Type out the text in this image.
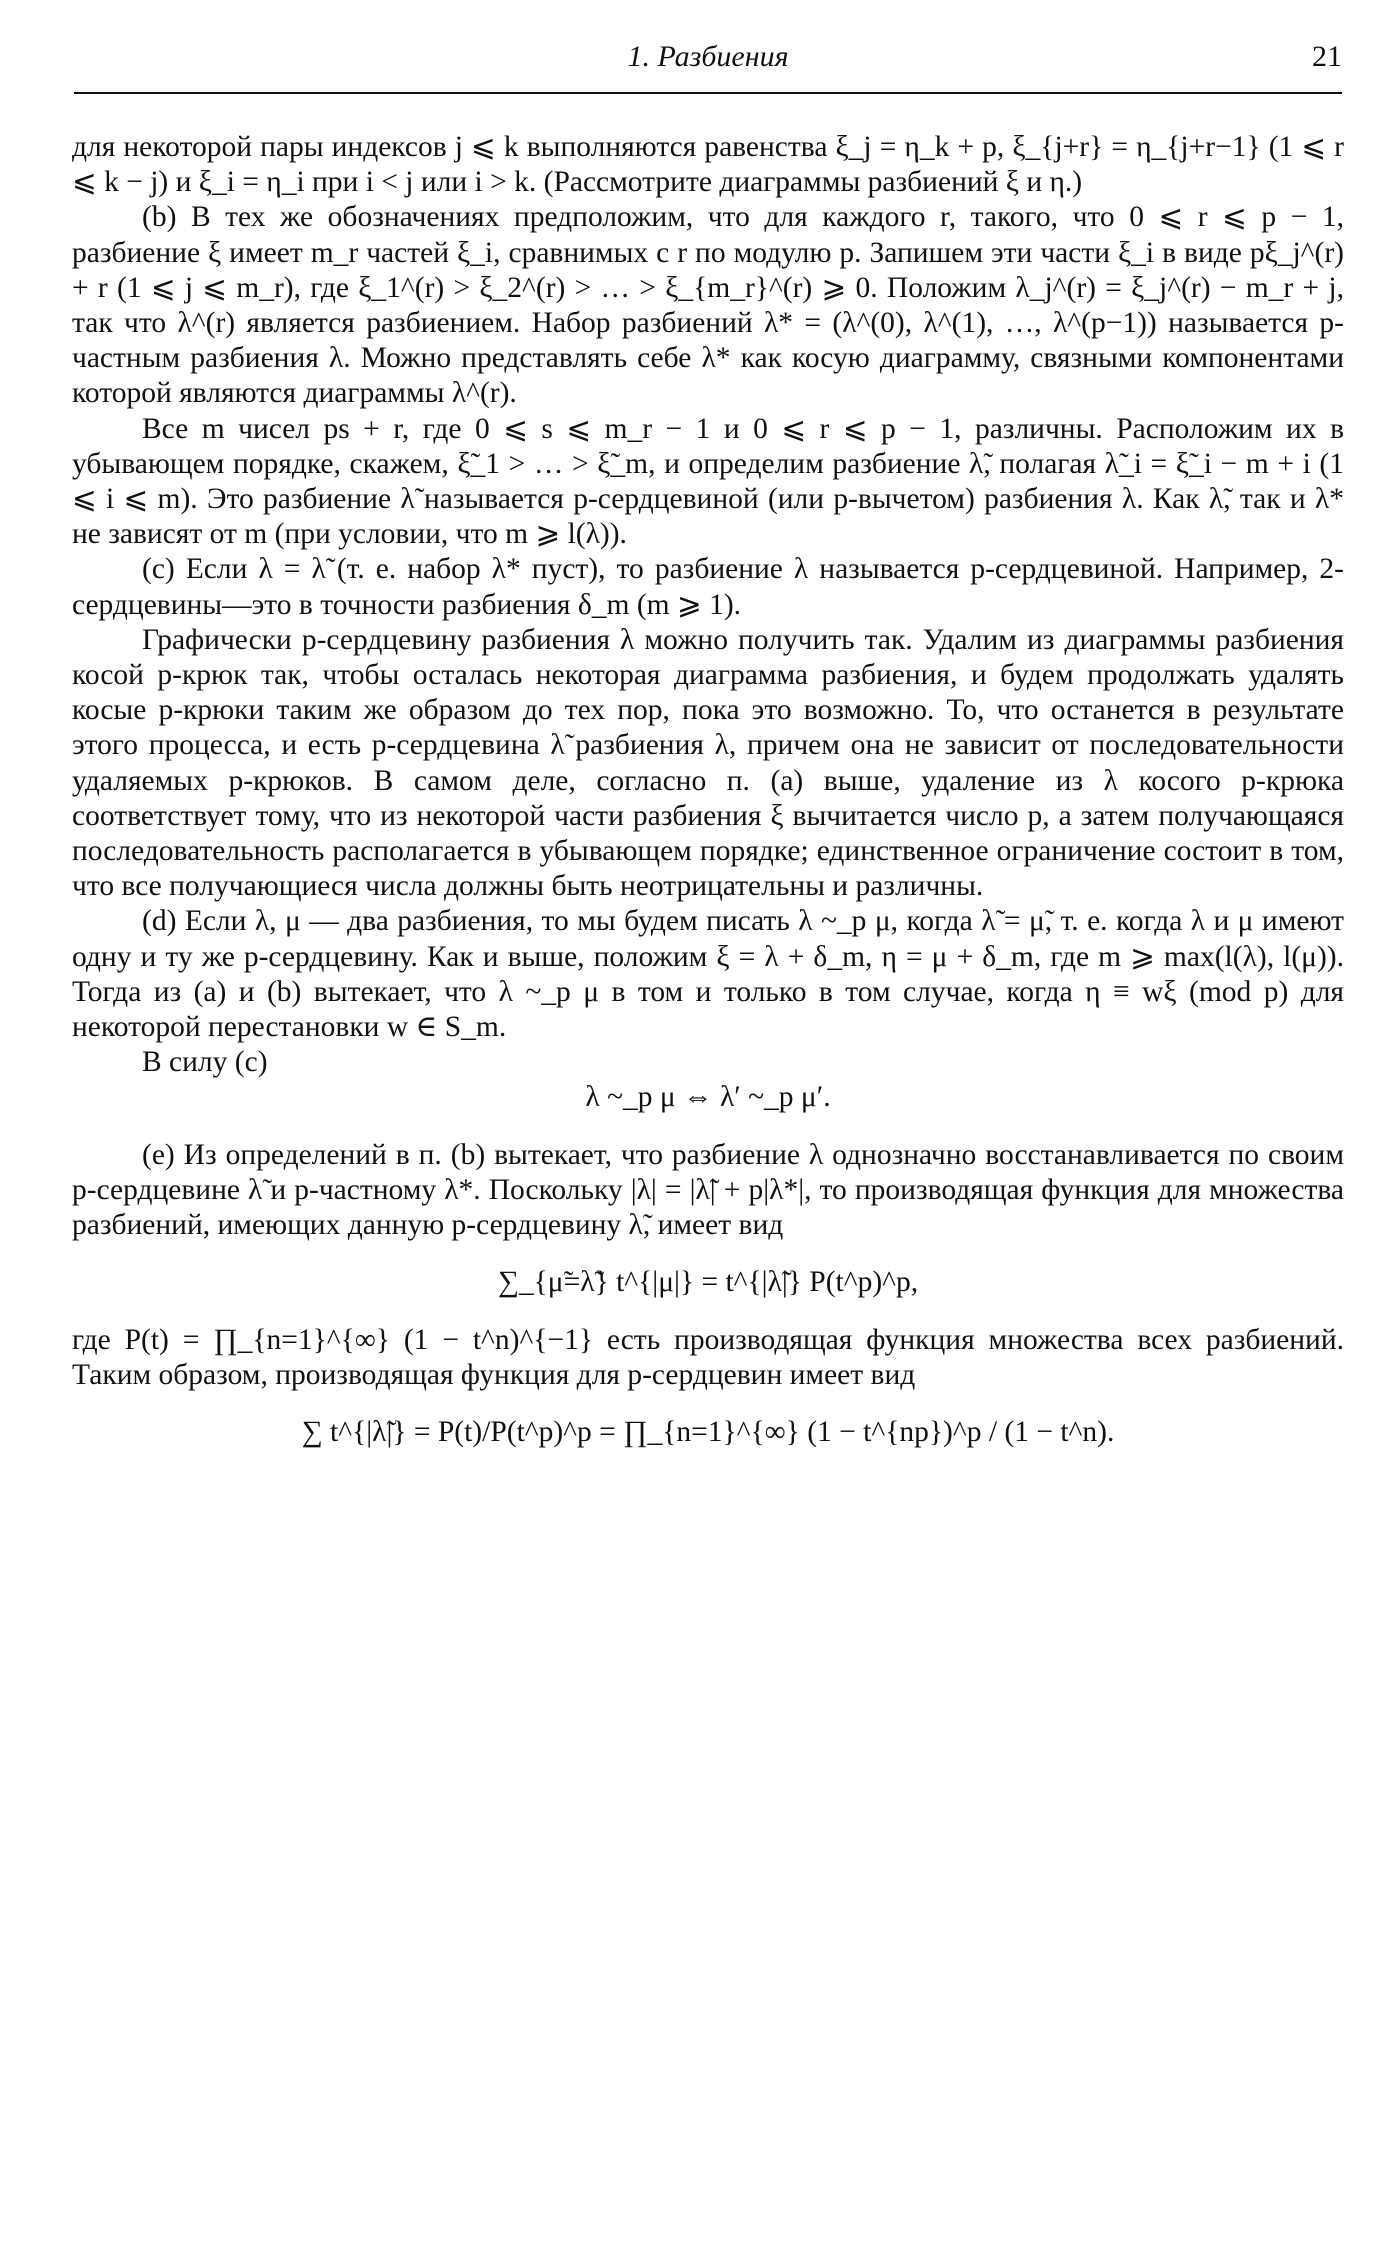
1. Разбиения	21

для некоторой пары индексов j ⩽ k выполняются равенства ξ_j = η_k + p, ξ_{j+r} = η_{j+r−1} (1 ⩽ r ⩽ k − j) и ξ_i = η_i при i < j или i > k. (Рассмотрите диаграммы разбиений ξ и η.)

(b) В тех же обозначениях предположим, что для каждого r, такого, что 0 ⩽ r ⩽ p − 1, разбиение ξ имеет m_r частей ξ_i, сравнимых с r по модулю p. Запишем эти части ξ_i в виде pξ_j^(r) + r (1 ⩽ j ⩽ m_r), где ξ_1^(r) > ξ_2^(r) > … > ξ_{m_r}^(r) ⩾ 0. Положим λ_j^(r) = ξ_j^(r) − m_r + j, так что λ^(r) является разбиением. Набор разбиений λ* = (λ^(0), λ^(1), …, λ^(p−1)) называется p-частным разбиения λ. Можно представлять себе λ* как косую диаграмму, связными компонентами которой являются диаграммы λ^(r).

Все m чисел ps + r, где 0 ⩽ s ⩽ m_r − 1 и 0 ⩽ r ⩽ p − 1, различны. Расположим их в убывающем порядке, скажем, ξ̃_1 > … > ξ̃_m, и определим разбиение λ̃, полагая λ̃_i = ξ̃_i − m + i (1 ⩽ i ⩽ m). Это разбиение λ̃ называется p-сердцевиной (или p-вычетом) разбиения λ. Как λ̃, так и λ* не зависят от m (при условии, что m ⩾ l(λ)).

(c) Если λ = λ̃ (т. е. набор λ* пуст), то разбиение λ называется p-сердцевиной. Например, 2-сердцевины—это в точности разбиения δ_m (m ⩾ 1).

Графически p-сердцевину разбиения λ можно получить так. Удалим из диаграммы разбиения косой p-крюк так, чтобы осталась некоторая диаграмма разбиения, и будем продолжать удалять косые p-крюки таким же образом до тех пор, пока это возможно. То, что останется в результате этого процесса, и есть p-сердцевина λ̃ разбиения λ, причем она не зависит от последовательности удаляемых p-крюков. В самом деле, согласно п. (a) выше, удаление из λ косого p-крюка соответствует тому, что из некоторой части разбиения ξ вычитается число p, а затем получающаяся последовательность располагается в убывающем порядке; единственное ограничение состоит в том, что все получающиеся числа должны быть неотрицательны и различны.

(d) Если λ, μ — два разбиения, то мы будем писать λ ~_p μ, когда λ̃ = μ̃, т. е. когда λ и μ имеют одну и ту же p-сердцевину. Как и выше, положим ξ = λ + δ_m, η = μ + δ_m, где m ⩾ max(l(λ), l(μ)). Тогда из (a) и (b) вытекает, что λ ~_p μ в том и только в том случае, когда η ≡ wξ (mod p) для некоторой перестановки w ∈ S_m.

В силу (c)

λ ~_p μ ⇔ λ′ ~_p μ′.

(e) Из определений в п. (b) вытекает, что разбиение λ однозначно восстанавливается по своим p-сердцевине λ̃ и p-частному λ*. Поскольку |λ| = |λ̃| + p|λ*|, то производящая функция для множества разбиений, имеющих данную p-сердцевину λ̃, имеет вид

∑_{μ̃=λ̃} t^{|μ|} = t^{|λ̃|} P(t^p)^p,

где P(t) = ∏_{n=1}^{∞} (1 − t^n)^{−1} есть производящая функция множества всех разбиений. Таким образом, производящая функция для p-сердцевин имеет вид

∑ t^{|λ̃|} = P(t)/P(t^p)^p = ∏_{n=1}^{∞} (1 − t^{np})^p / (1 − t^n).
